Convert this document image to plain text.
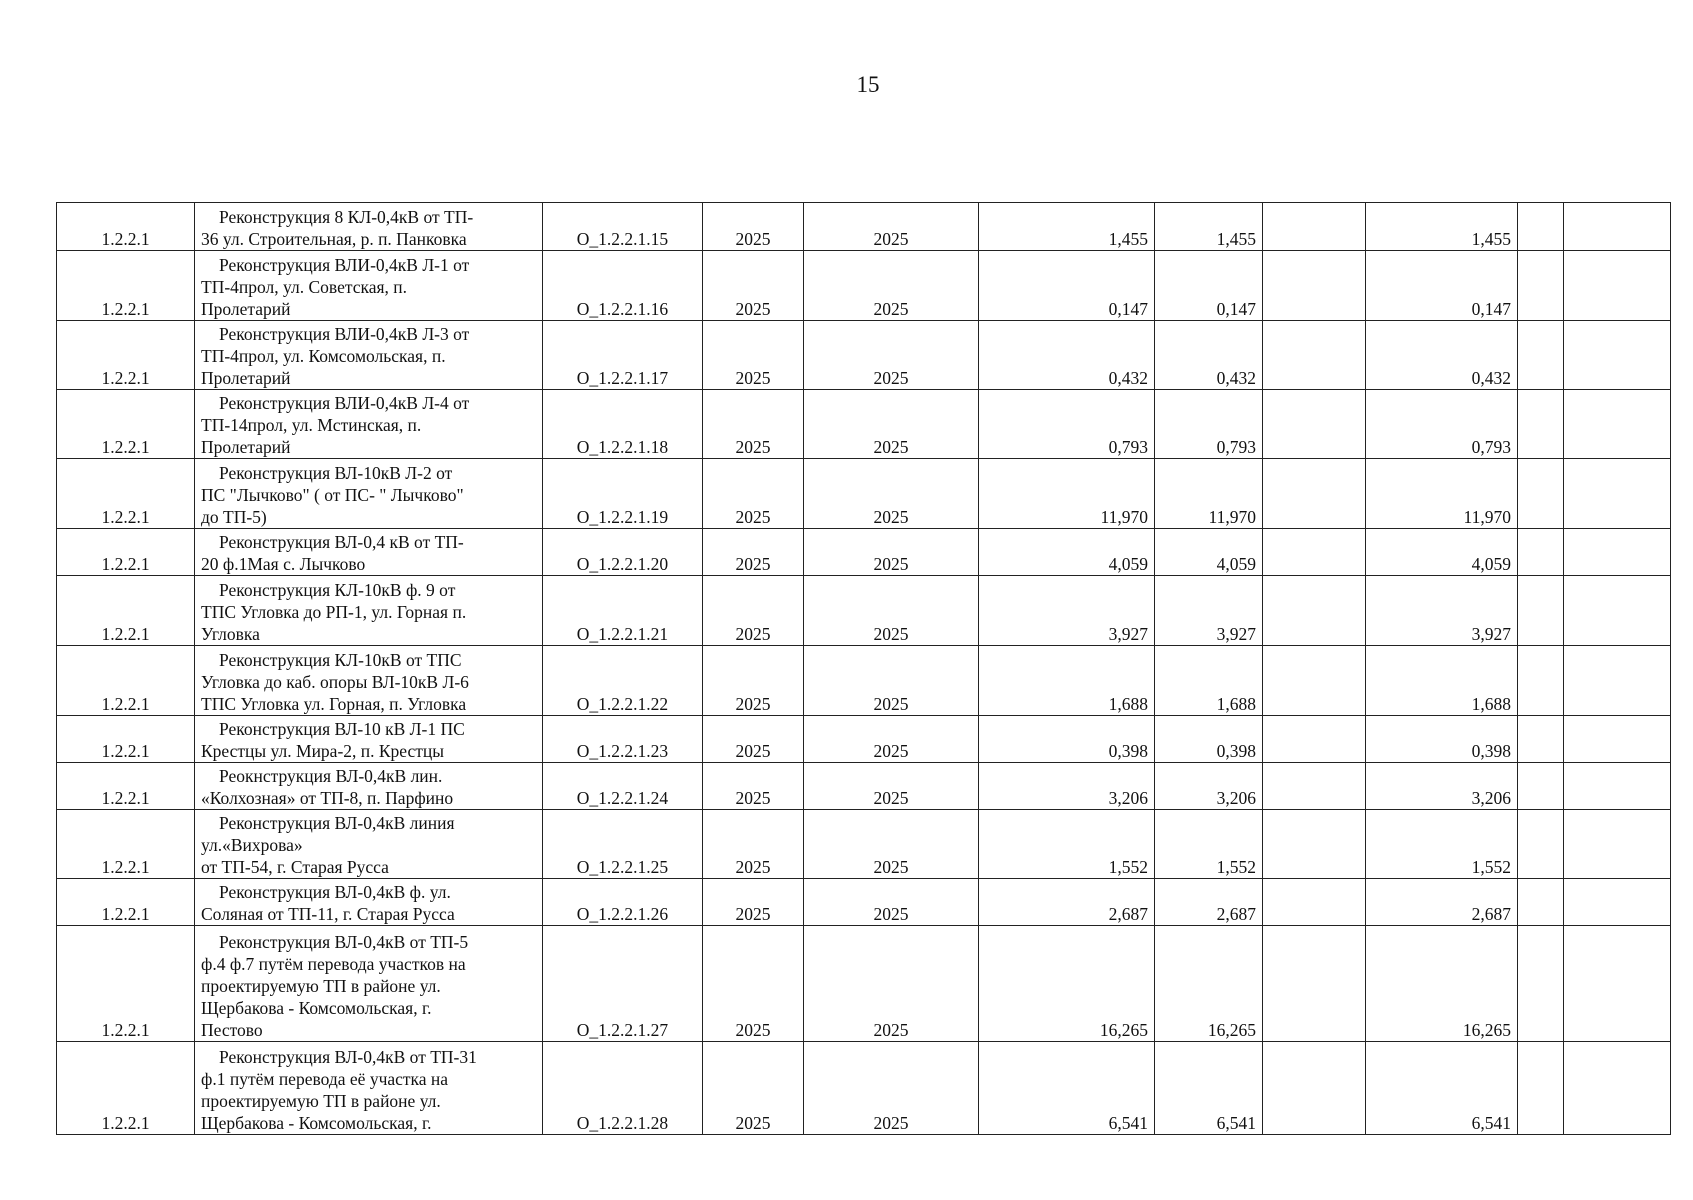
15
1.2.2.1	Реконструкция 8 КЛ-0,4кВ от ТП-
36 ул. Строительная, р. п. Панковка	О_1.2.2.1.15	2025	2025	1,455	1,455		1,455		
1.2.2.1	Реконструкция ВЛИ-0,4кВ Л-1 от
ТП-4прол, ул. Советская, п.
Пролетарий	О_1.2.2.1.16	2025	2025	0,147	0,147		0,147		
1.2.2.1	Реконструкция ВЛИ-0,4кВ Л-3 от
ТП-4прол, ул. Комсомольская, п.
Пролетарий	О_1.2.2.1.17	2025	2025	0,432	0,432		0,432		
1.2.2.1	Реконструкция ВЛИ-0,4кВ Л-4 от
ТП-14прол, ул. Мстинская, п.
Пролетарий	О_1.2.2.1.18	2025	2025	0,793	0,793		0,793		
1.2.2.1	Реконструкция ВЛ-10кВ Л-2 от
ПС "Лычково" ( от ПС- " Лычково"
до ТП-5)	О_1.2.2.1.19	2025	2025	11,970	11,970		11,970		
1.2.2.1	Реконструкция ВЛ-0,4 кВ от ТП-
20 ф.1Мая с. Лычково	О_1.2.2.1.20	2025	2025	4,059	4,059		4,059		
1.2.2.1	Реконструкция КЛ-10кВ ф. 9 от
ТПС Угловка до РП-1, ул. Горная п.
Угловка	О_1.2.2.1.21	2025	2025	3,927	3,927		3,927		
1.2.2.1	Реконструкция КЛ-10кВ от ТПС
Угловка до каб. опоры ВЛ-10кВ Л-6
ТПС Угловка ул. Горная, п. Угловка	О_1.2.2.1.22	2025	2025	1,688	1,688		1,688		
1.2.2.1	Реконструкция ВЛ-10 кВ Л-1 ПС
Крестцы ул. Мира-2, п. Крестцы	О_1.2.2.1.23	2025	2025	0,398	0,398		0,398		
1.2.2.1	Реокнструкция ВЛ-0,4кВ лин.
«Колхозная» от ТП-8, п. Парфино	О_1.2.2.1.24	2025	2025	3,206	3,206		3,206		
1.2.2.1	Реконструкция ВЛ-0,4кВ линия
ул.«Вихрова»
от ТП-54, г. Старая Русса	О_1.2.2.1.25	2025	2025	1,552	1,552		1,552		
1.2.2.1	Реконструкция ВЛ-0,4кВ ф. ул.
Соляная от ТП-11, г. Старая Русса	О_1.2.2.1.26	2025	2025	2,687	2,687		2,687		
1.2.2.1	Реконструкция ВЛ-0,4кВ от ТП-5
ф.4 ф.7 путём перевода участков на
проектируемую ТП в районе ул.
Щербакова - Комсомольская, г.
Пестово	О_1.2.2.1.27	2025	2025	16,265	16,265		16,265		
1.2.2.1	Реконструкция ВЛ-0,4кВ от ТП-31
ф.1 путём перевода её участка на
проектируемую ТП в районе ул.
Щербакова - Комсомольская, г.	О_1.2.2.1.28	2025	2025	6,541	6,541		6,541		
